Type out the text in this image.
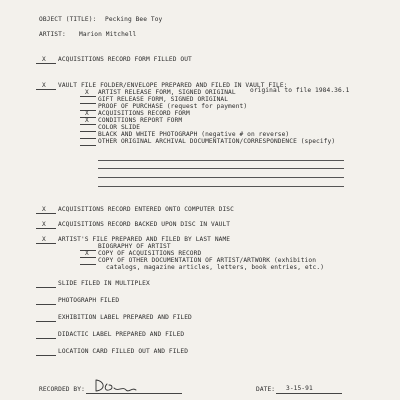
OBJECT (TITLE): Pecking Bee Toy
ARTIST: Marion Mitchell
X ACQUISITIONS RECORD FORM FILLED OUT
X VAULT FILE FOLDER/ENVELOPE PREPARED AND FILED IN VAULT FILE:
X ARTIST RELEASE FORM, SIGNED ORIGINAL original to file 1984.36.1
GIFT RELEASE FORM, SIGNED ORIGINAL
PROOF OF PURCHASE (request for payment)
X ACQUISITIONS RECORD FORM
X CONDITIONS REPORT FORM
COLOR SLIDE
BLACK AND WHITE PHOTOGRAPH (negative # on reverse)
OTHER ORIGINAL ARCHIVAL DOCUMENTATION/CORRESPONDENCE (specify)
X ACQUISITIONS RECORD ENTERED ONTO COMPUTER DISC
X ACQUISITIONS RECORD BACKED UPON DISC IN VAULT
X ARTIST'S FILE PREPARED AND FILED BY LAST NAME
BIOGRAPHY OF ARTIST
X COPY OF ACQUISITIONS RECORD
COPY OF OTHER DOCUMENTATION OF ARTIST/ARTWORK (exhibition
catalogs, magazine articles, letters, book entries, etc.)
SLIDE FILED IN MULTIPLEX
PHOTOGRAPH FILED
EXHIBITION LABEL PREPARED AND FILED
DIDACTIC LABEL PREPARED AND FILED
LOCATION CARD FILLED OUT AND FILED
RECORDED BY:	DATE: 3-15-91
